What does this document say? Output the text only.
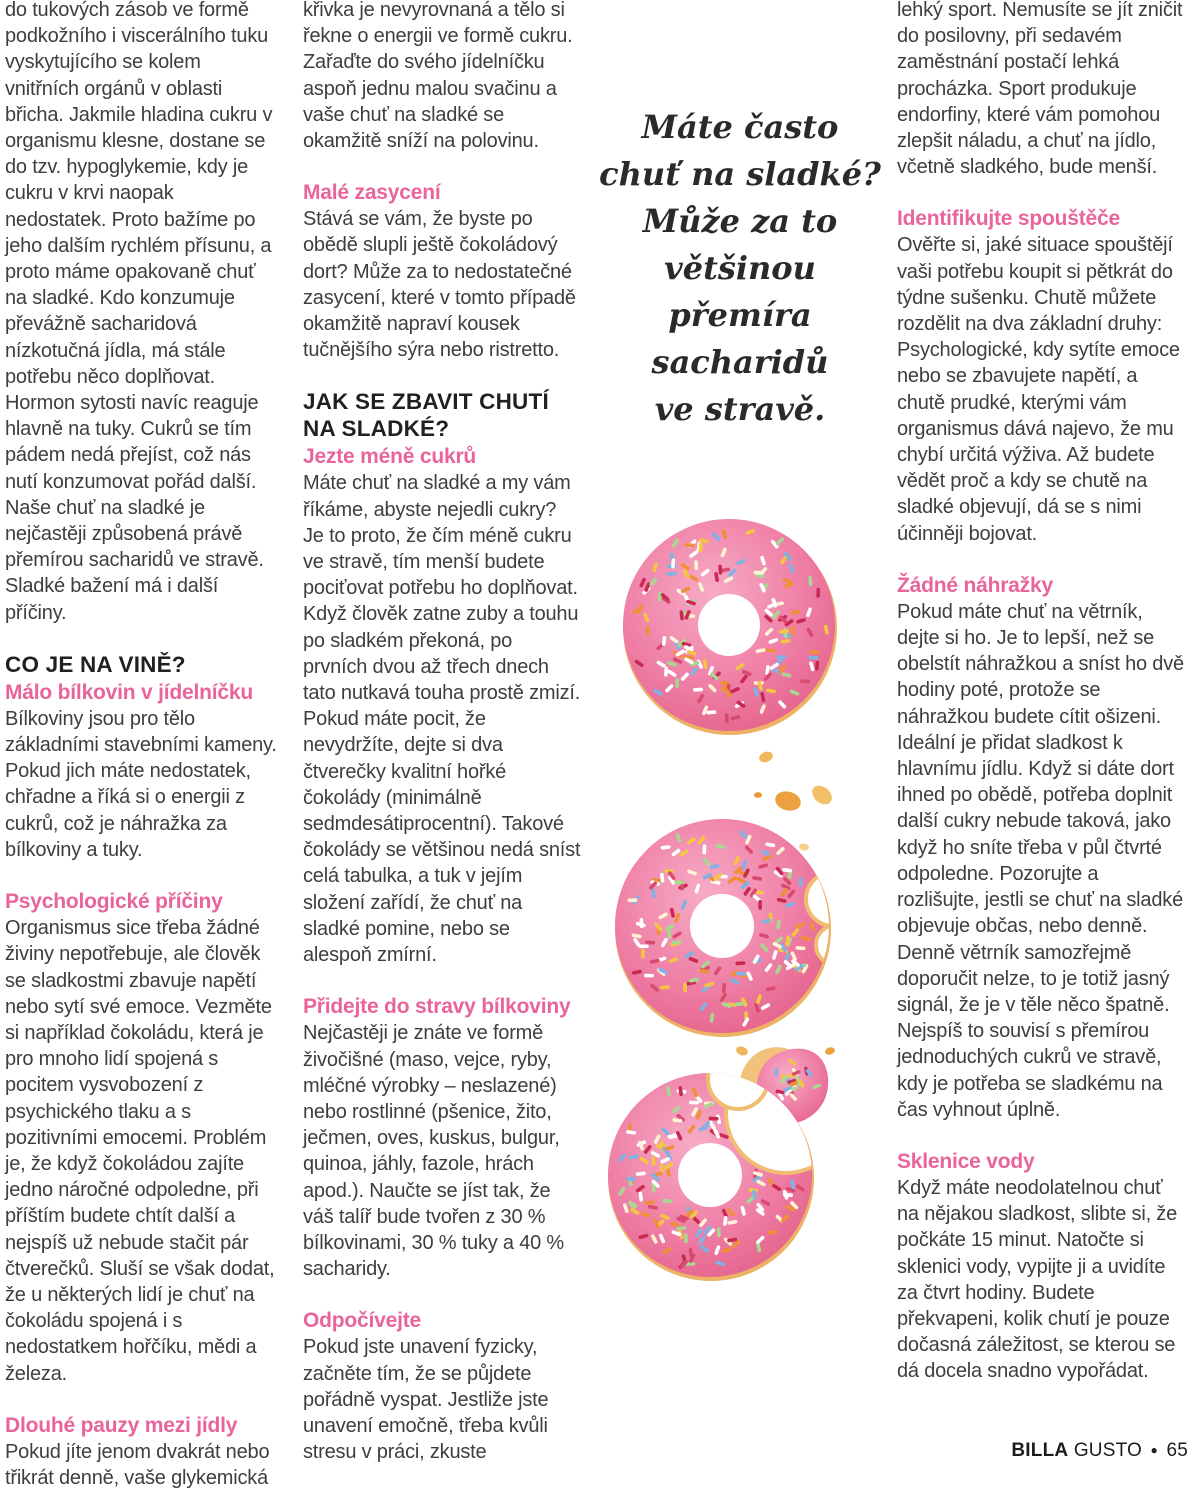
do tukových zásob ve formě podkožního i viscerálního tuku vyskytujícího se kolem vnitřních orgánů v oblasti břicha. Jakmile hladina cukru v organismu klesne, dostane se do tzv. hypoglykemie, kdy je cukru v krvi naopak nedostatek. Proto bažíme po jeho dalším rychlém přísunu, a proto máme opakovaně chuť na sladké. Kdo konzumuje převážně sacharidová nízkotučná jídla, má stále potřebu něco doplňovat. Hormon sytosti navíc reaguje hlavně na tuky. Cukrů se tím pádem nedá přejíst, což nás nutí konzumovat pořád další. Naše chuť na sladké je nejčastěji způsobená právě přemírou sacharidů ve stravě. Sladké bažení má i další příčiny.
CO JE NA VINĚ?
Málo bílkovin v jídelníčku
Bílkoviny jsou pro tělo základními stavebními kameny. Pokud jich máte nedostatek, chřadne a říká si o energii z cukrů, což je náhražka za bílkoviny a tuky.
Psychologické příčiny
Organismus sice třeba žádné živiny nepotřebuje, ale člověk se sladkostmi zbavuje napětí nebo sytí své emoce. Vezměte si například čokoládu, která je pro mnoho lidí spojená s pocitem vysvobození z psychického tlaku a s pozitivními emocemi. Problém je, že když čokoládou zajíte jedno náročné odpoledne, při příštím budete chtít další a nejspíš už nebude stačit pár čtverečků. Sluší se však dodat, že u některých lidí je chuť na čokoládu spojená i s nedostatkem hořčíku, mědi a železa.
Dlouhé pauzy mezi jídly
Pokud jíte jenom dvakrát nebo třikrát denně, vaše glykemická
křivka je nevyrovnaná a tělo si řekne o energii ve formě cukru. Zařaďte do svého jídelníčku aspoň jednu malou svačinu a vaše chuť na sladké se okamžitě sníží na polovinu.
Malé zasycení
Stává se vám, že byste po obědě slupli ještě čokoládový dort? Může za to nedostatečné zasycení, které v tomto případě okamžitě napraví kousek tučnějšího sýra nebo ristretto.
JAK SE ZBAVIT CHUTÍ NA SLADKÉ?
Jezte méně cukrů
Máte chuť na sladké a my vám říkáme, abyste nejedli cukry? Je to proto, že čím méně cukru ve stravě, tím menší budete pociťovat potřebu ho doplňovat. Když člověk zatne zuby a touhu po sladkém překoná, po prvních dvou až třech dnech tato nutkavá touha prostě zmizí. Pokud máte pocit, že nevydržíte, dejte si dva čtverečky kvalitní hořké čokolády (minimálně sedmdesátiprocentní). Takové čokolády se většinou nedá sníst celá tabulka, a tuk v jejím složení zařídí, že chuť na sladké pomine, nebo se alespoň zmírní.
Přidejte do stravy bílkoviny
Nejčastěji je znáte ve formě živočišné (maso, vejce, ryby, mléčné výrobky – neslazené) nebo rostlinné (pšenice, žito, ječmen, oves, kuskus, bulgur, quinoa, jáhly, fazole, hrách apod.). Naučte se jíst tak, že váš talíř bude tvořen z 30 % bílkovinami, 30 % tuky a 40 % sacharidy.
Odpočívejte
Pokud jste unavení fyzicky, začněte tím, že se půjdete pořádně vyspat. Jestliže jste unavení emočně, třeba kvůli stresu v práci, zkuste
lehký sport. Nemusíte se jít zničit do posilovny, při sedavém zaměstnání postačí lehká procházka. Sport produkuje endorfiny, které vám pomohou zlepšit náladu, a chuť na jídlo, včetně sladkého, bude menší.
Identifikujte spouštěče
Ověřte si, jaké situace spouštějí vaši potřebu koupit si pětkrát do týdne sušenku. Chutě můžete rozdělit na dva základní druhy: Psychologické, kdy sytíte emoce nebo se zbavujete napětí, a chutě prudké, kterými vám organismus dává najevo, že mu chybí určitá výživa. Až budete vědět proč a kdy se chutě na sladké objevují, dá se s nimi účinněji bojovat.
Žádné náhražky
Pokud máte chuť na větrník, dejte si ho. Je to lepší, než se obelstít náhražkou a sníst ho dvě hodiny poté, protože se náhražkou budete cítit ošizeni. Ideální je přidat sladkost k hlavnímu jídlu. Když si dáte dort ihned po obědě, potřeba doplnit další cukry nebude taková, jako když ho sníte třeba v půl čtvrté odpoledne. Pozorujte a rozlišujte, jestli se chuť na sladké objevuje občas, nebo denně. Denně větrník samozřejmě doporučit nelze, to je totiž jasný signál, že je v těle něco špatně. Nejspíš to souvisí s přemírou jednoduchých cukrů ve stravě, kdy je potřeba se sladkému na čas vyhnout úplně.
Sklenice vody
Když máte neodolatelnou chuť na nějakou sladkost, slibte si, že počkáte 15 minut. Natočte si sklenici vody, vypijte ji a uvidíte za čtvrt hodiny. Budete překvapeni, kolik chutí je pouze dočasná záležitost, se kterou se dá docela snadno vypořádat.
Máte často
chuť na sladké?
Může za to
většinou
přemíra
sacharidů
ve stravě.
BILLA GUSTO ● 65
